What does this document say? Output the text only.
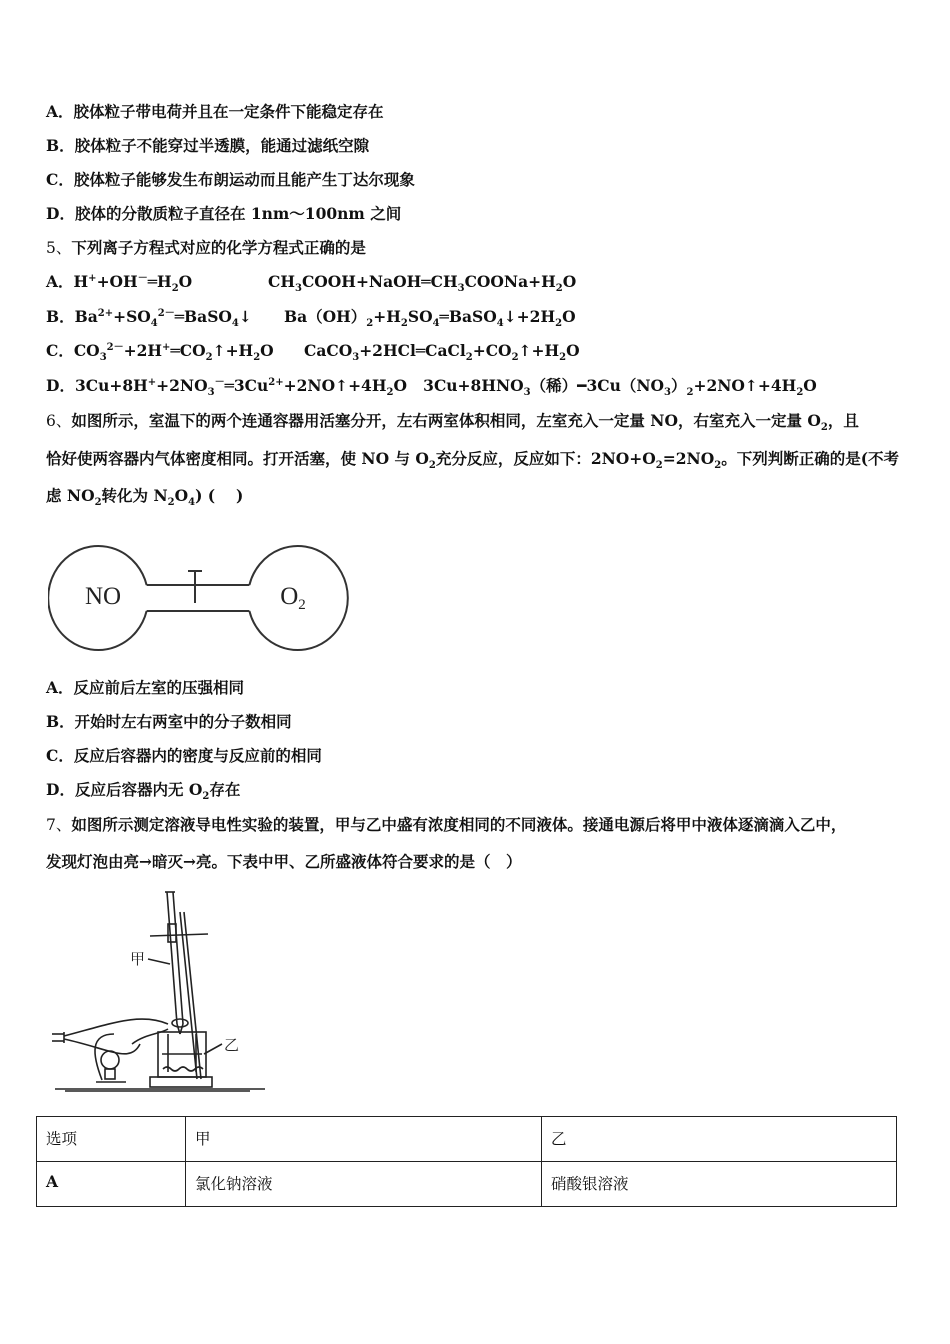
A．胶体粒子带电荷并且在一定条件下能稳定存在
B．胶体粒子不能穿过半透膜，能通过滤纸空隙
C．胶体粒子能够发生布朗运动而且能产生丁达尔现象
D．胶体的分散质粒子直径在 1nm～100nm 之间
5、下列离子方程式对应的化学方程式正确的是
A．$H^++OH^-═H_2O$	$CH_3COOH+NaOH═CH_3COONa+H_2O$
B．$Ba^{2+}+SO_4^{2-}═BaSO_4↓$ $Ba(OH)_2+H_2SO_4═BaSO_4↓+2H_2O$
C．$CO_3^{2-}+2H^+═CO_2↑+H_2O$ $CaCO_3+2HCl═CaCl_2+CO_2↑+H_2O$
D．$3Cu+8H^++2NO_3^-═3Cu^{2+}+2NO↑+4H_2O$   $3Cu+8HNO_3$（稀）$━3Cu(NO_3)_2+2NO↑+4H_2O$
6、如图所示，室温下的两个连通容器用活塞分开，左右两室体积相同，左室充入一定量 NO，右室充入一定量 $O_2$，且
恰好使两容器内气体密度相同。打开活塞，使 NO 与 $O_2$充分反应，反应如下：$2NO+O_2=2NO_2$。下列判断正确的是(不考
虑 $NO_2$转化为 $N_2O_4$) (　 )
NO	$O_2$
A．反应前后左室的压强相同
B．开始时左右两室中的分子数相同
C．反应后容器内的密度与反应前的相同
D．反应后容器内无 $O_2$存在
7、如图所示测定溶液导电性实验的装置，甲与乙中盛有浓度相同的不同液体。接通电源后将甲中液体逐滴滴入乙中，
发现灯泡由亮→暗灭→亮。下表中甲、乙所盛液体符合要求的是（　）
甲
乙
选项	甲	乙
A	氯化钠溶液	硝酸银溶液
